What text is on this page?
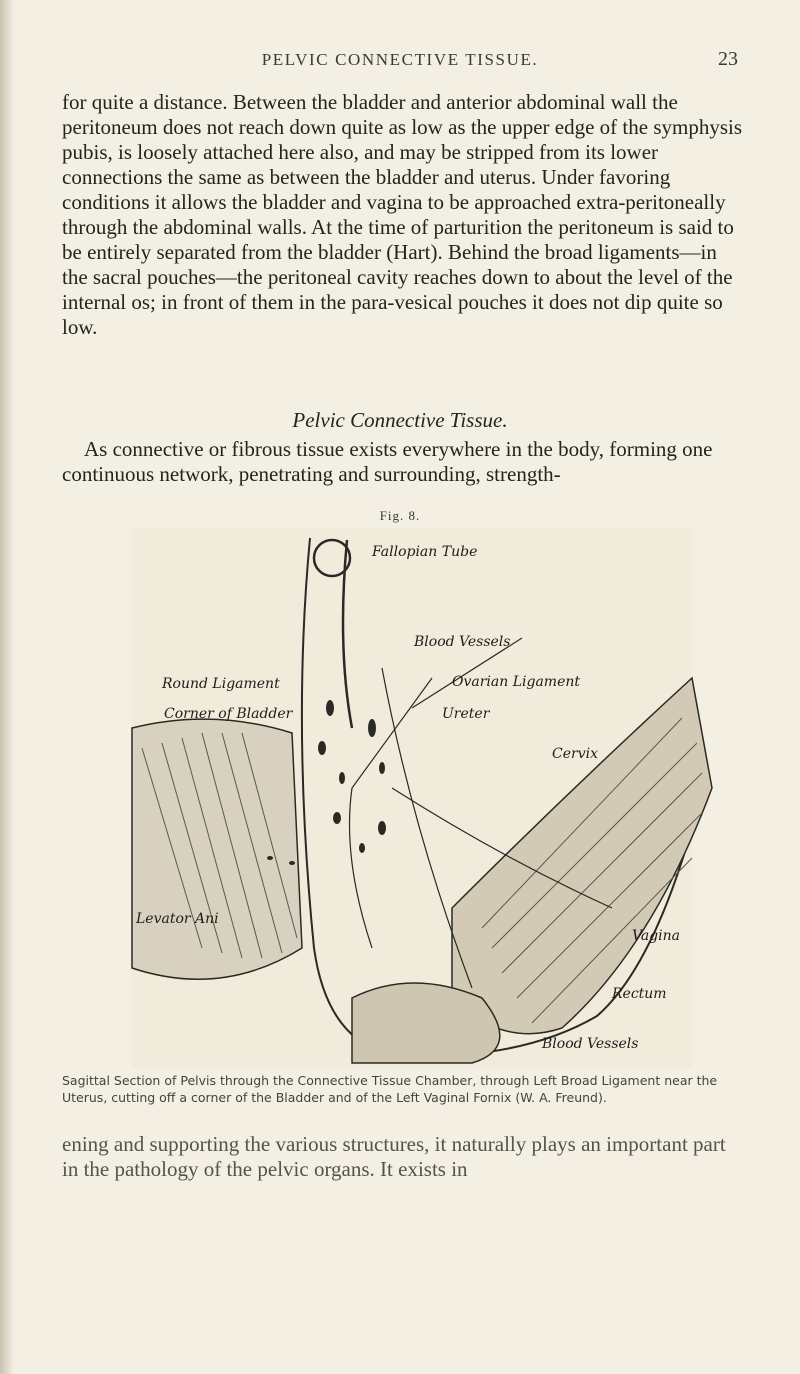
PELVIC CONNECTIVE TISSUE.	23

for quite a distance. Between the bladder and anterior abdominal wall the peritoneum does not reach down quite as low as the upper edge of the symphysis pubis, is loosely attached here also, and may be stripped from its lower connections the same as between the bladder and uterus. Under favoring conditions it allows the bladder and vagina to be approached extra-peritoneally through the abdominal walls. At the time of parturition the peritoneum is said to be entirely separated from the bladder (Hart). Behind the broad ligaments—in the sacral pouches—the peritoneal cavity reaches down to about the level of the internal os; in front of them in the para-vesical pouches it does not dip quite so low.

Pelvic Connective Tissue.

As connective or fibrous tissue exists everywhere in the body, forming one continuous network, penetrating and surrounding, strength-

Fig. 8.
Fallopian Tube
Blood Vessels
Ovarian Ligament
Ureter
Round Ligament
Corner of Bladder
Cervix
Vagina
Rectum
Blood Vessels
Levator Ani

Sagittal Section of Pelvis through the Connective Tissue Chamber, through Left Broad Ligament near the Uterus, cutting off a corner of the Bladder and of the Left Vaginal Fornix (W. A. Freund).

ening and supporting the various structures, it naturally plays an important part in the pathology of the pelvic organs. It exists in
